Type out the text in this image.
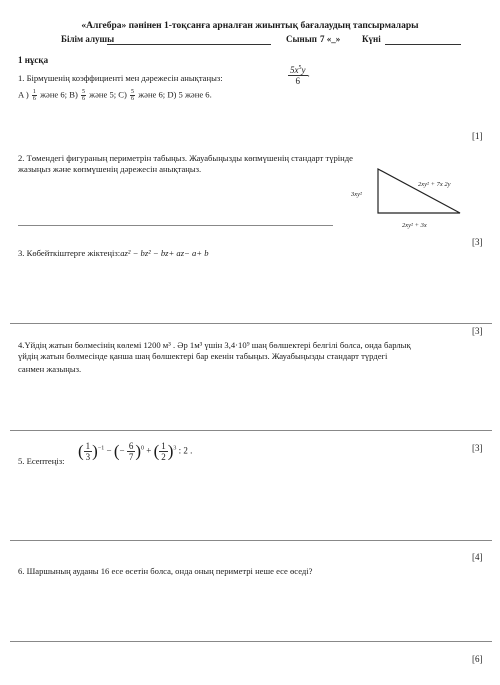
«Алгебра» пәнінен 1-тоқсанға арналған жиынтық бағалаудың тапсырмалары
Білім алушы	Сынып 7 «_» Күні
1 нұсқа
1. Бірмүшенің коэффициенті мен дәрежесін анықтаңыз:	$\frac{5x^5y}{6}$ .
A ) $\frac{1}{6}$ және 6; $B) \frac{5}{6}$ және 5; $C) \frac{5}{6}$ және 6; D) 5 және 6.
[1]
2. Төмендегі фигураның периметрін табыңыз. Жауабыңызды көпмүшенің стандарт түрінде
жазыңыз және көпмүшенің дәрежесін анықтаңыз.
3xy²
2xy² + 7x 2y
2xy² + 3x
[3]
3. Көбейткіштерге жіктеңіз:az² − bz² − bz+ az− a+ b
[3]
4.Үйдің жатын бөлмесінің көлемі 1200 м³ . Әр 1м³ үшін 3,4·10⁹ шаң бөлшектері белгілі болса, онда барлық
үйдің жатын бөлмесінде қанша шаң бөлшектері бар екенін табыңыз. Жауабыңызды стандарт түрдегі
санмен жазыңыз.
[3]
5. Есептеңіз:
( $\frac{1}{3} )^{-1}$ − (− $\frac{6}{7} )^0$ + ( $\frac{1}{2} )^3$ : 2 .
[4]
6. Шаршының ауданы 16 есе өсетін болса, онда оның периметрі неше есе өседі?
[6]
